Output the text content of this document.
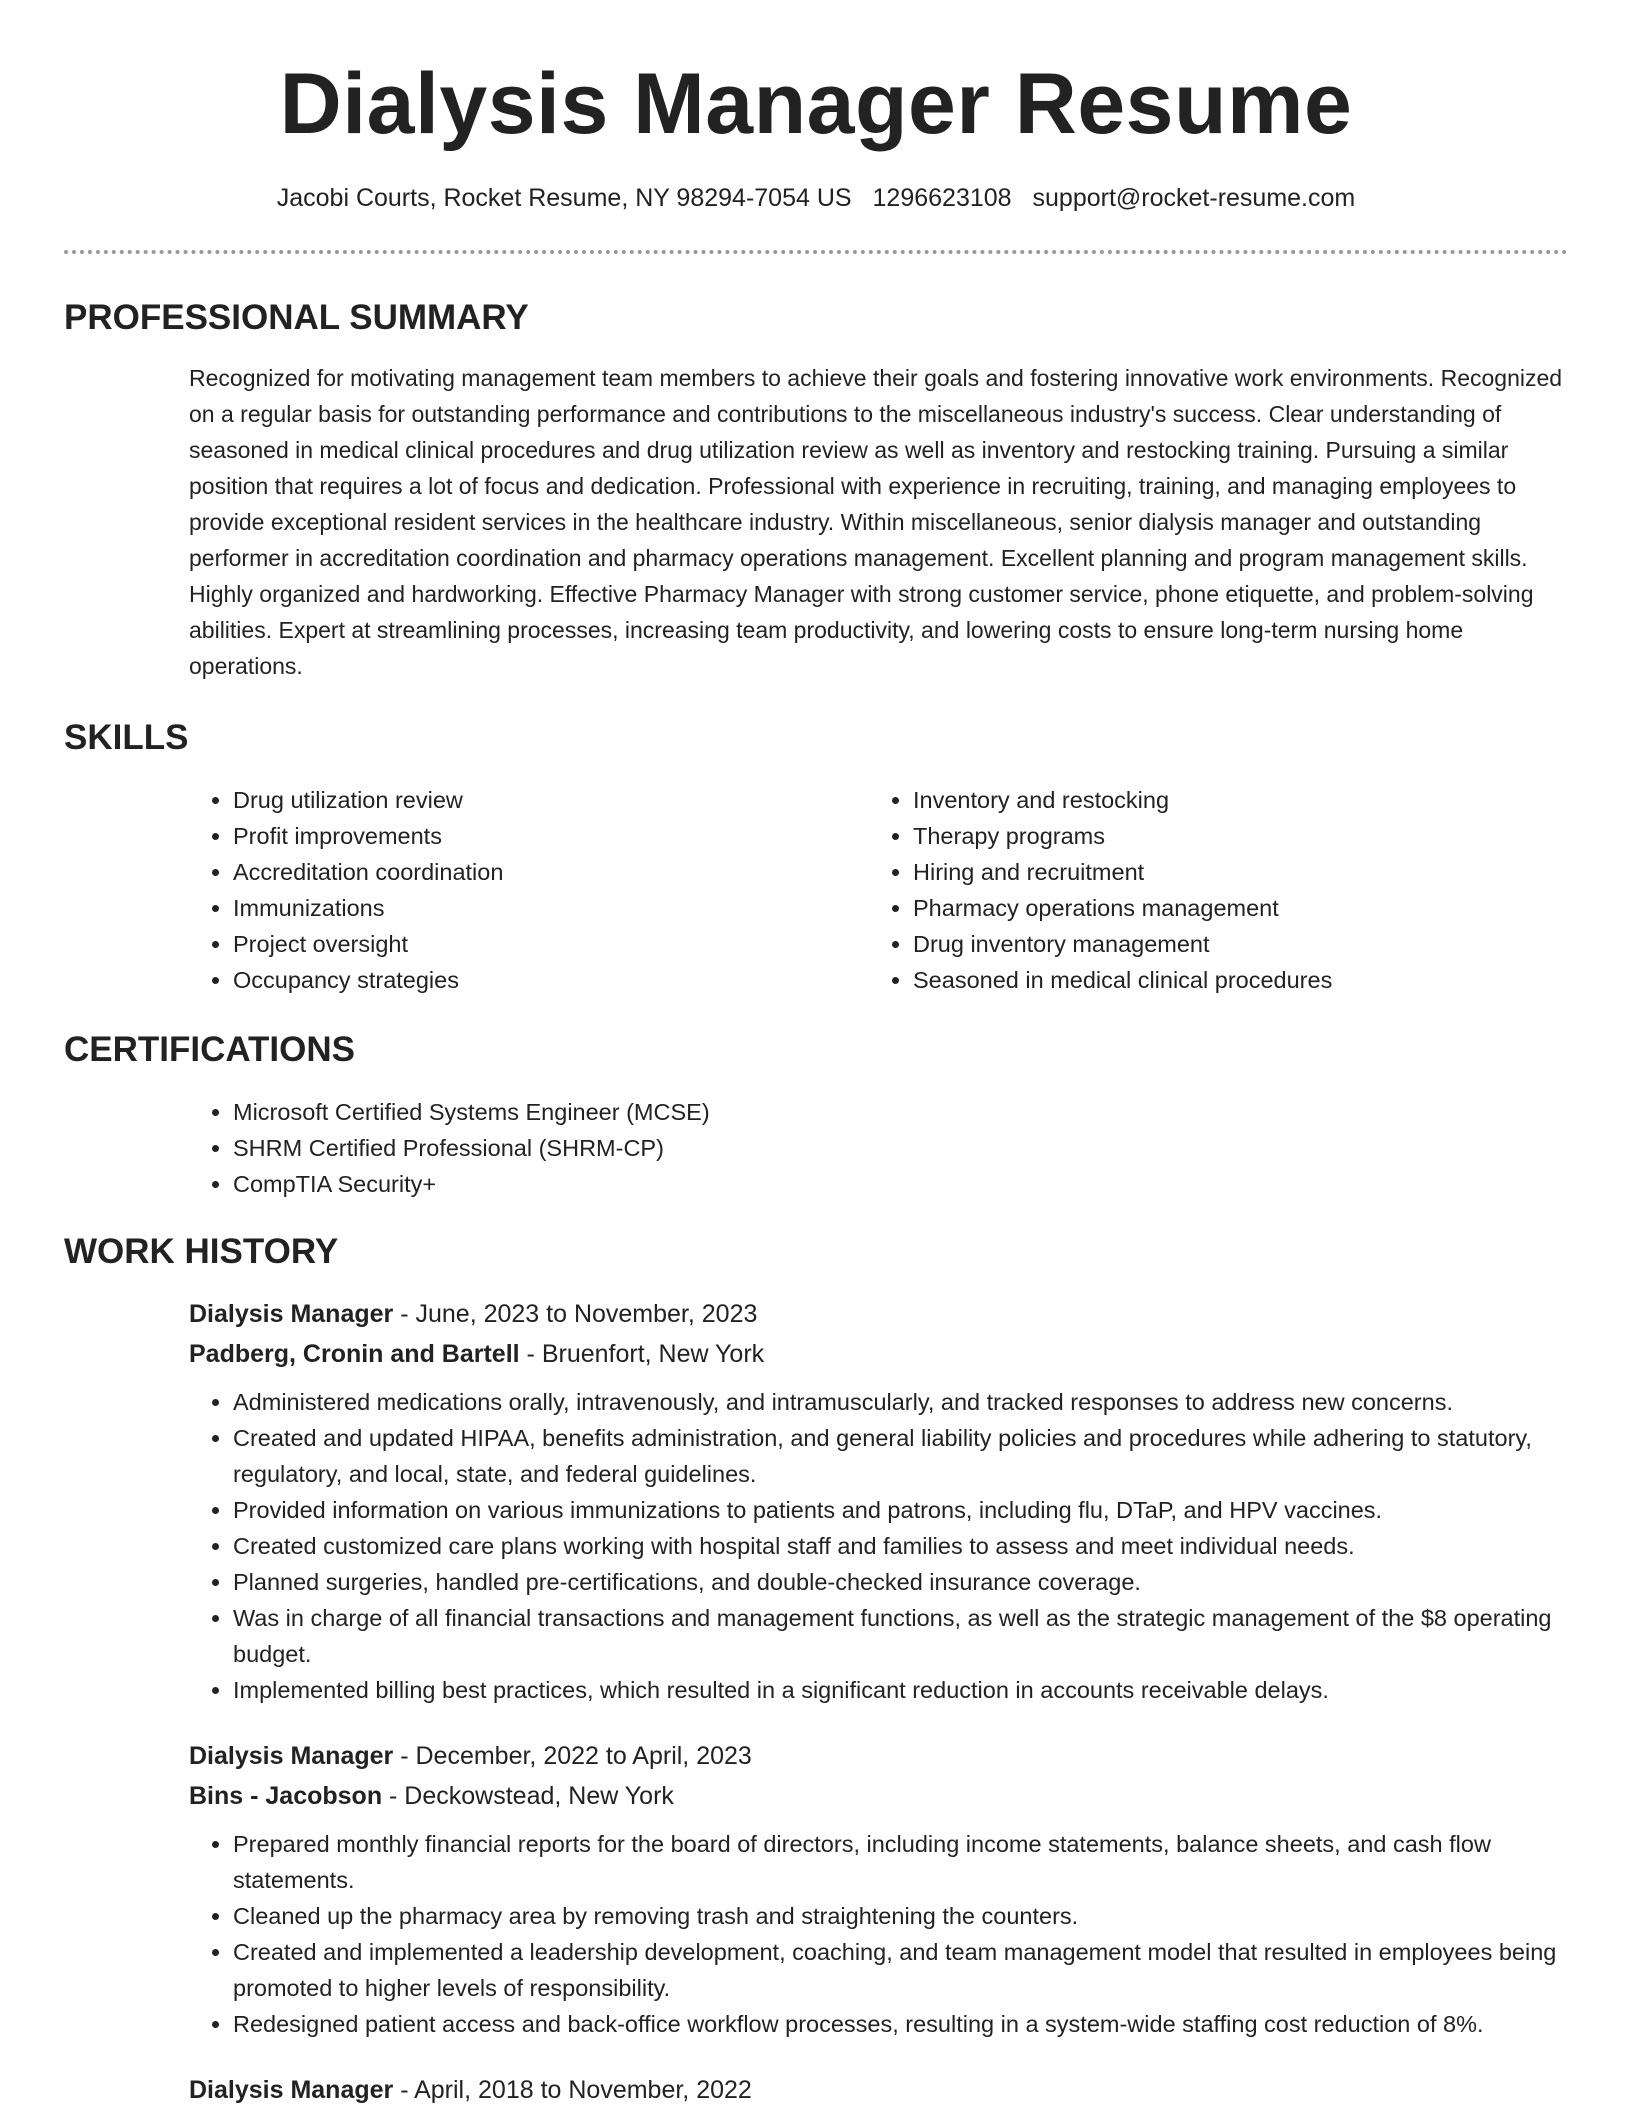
Dialysis Manager Resume
Jacobi Courts, Rocket Resume, NY 98294-7054 US 1296623108 support@rocket-resume.com
PROFESSIONAL SUMMARY

Recognized for motivating management team members to achieve their goals and fostering innovative work environments. Recognized on a regular basis for outstanding performance and contributions to the miscellaneous industry's success. Clear understanding of seasoned in medical clinical procedures and drug utilization review as well as inventory and restocking training. Pursuing a similar position that requires a lot of focus and dedication. Professional with experience in recruiting, training, and managing employees to provide exceptional resident services in the healthcare industry. Within miscellaneous, senior dialysis manager and outstanding performer in accreditation coordination and pharmacy operations management. Excellent planning and program management skills. Highly organized and hardworking. Effective Pharmacy Manager with strong customer service, phone etiquette, and problem-solving abilities. Expert at streamlining processes, increasing team productivity, and lowering costs to ensure long-term nursing home operations.

SKILLS
• Drug utilization review
• Profit improvements
• Accreditation coordination
• Immunizations
• Project oversight
• Occupancy strategies
• Inventory and restocking
• Therapy programs
• Hiring and recruitment
• Pharmacy operations management
• Drug inventory management
• Seasoned in medical clinical procedures
CERTIFICATIONS
• Microsoft Certified Systems Engineer (MCSE)
• SHRM Certified Professional (SHRM-CP)
• CompTIA Security+
WORK HISTORY
Dialysis Manager - June, 2023 to November, 2023
Padberg, Cronin and Bartell - Bruenfort, New York
• Administered medications orally, intravenously, and intramuscularly, and tracked responses to address new concerns.
• Created and updated HIPAA, benefits administration, and general liability policies and procedures while adhering to statutory, regulatory, and local, state, and federal guidelines.
• Provided information on various immunizations to patients and patrons, including flu, DTaP, and HPV vaccines.
• Created customized care plans working with hospital staff and families to assess and meet individual needs.
• Planned surgeries, handled pre-certifications, and double-checked insurance coverage.
• Was in charge of all financial transactions and management functions, as well as the strategic management of the $8 operating budget.
• Implemented billing best practices, which resulted in a significant reduction in accounts receivable delays.
Dialysis Manager - December, 2022 to April, 2023
Bins - Jacobson - Deckowstead, New York
• Prepared monthly financial reports for the board of directors, including income statements, balance sheets, and cash flow statements.
• Cleaned up the pharmacy area by removing trash and straightening the counters.
• Created and implemented a leadership development, coaching, and team management model that resulted in employees being promoted to higher levels of responsibility.
• Redesigned patient access and back-office workflow processes, resulting in a system-wide staffing cost reduction of 8%.
Dialysis Manager - April, 2018 to November, 2022
